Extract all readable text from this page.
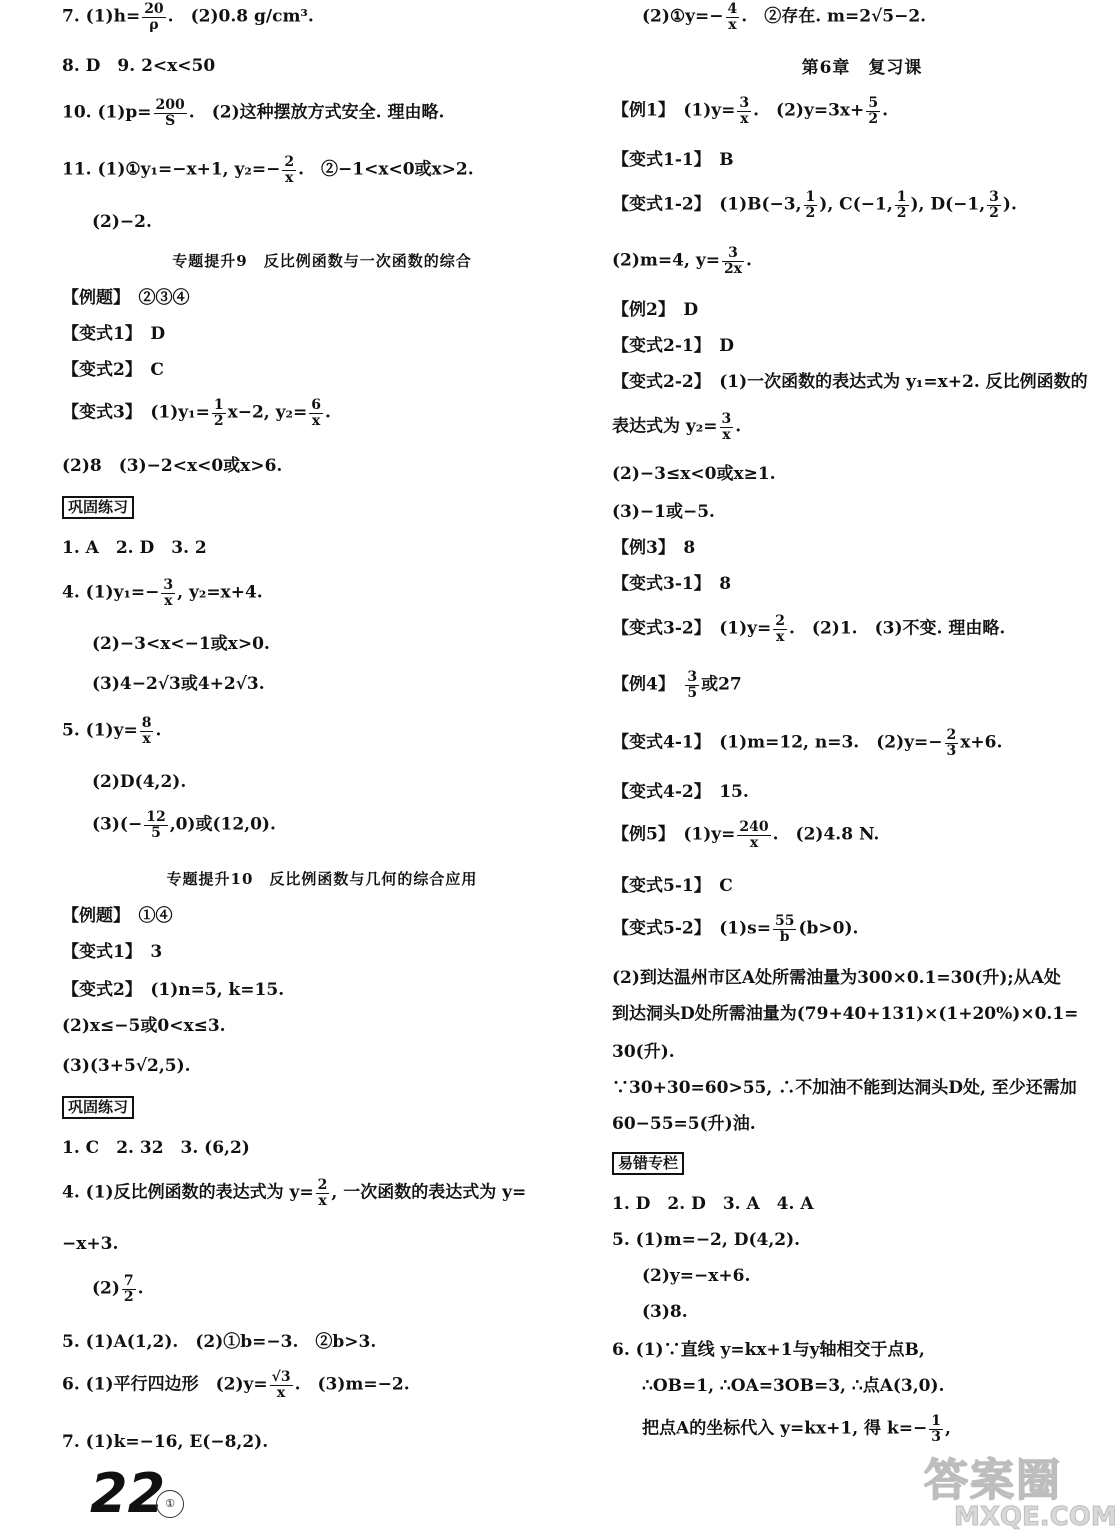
7. $(1)h= \frac{20}{\rho}$ .　(2)0.8 g/cm³.
8. D　9. 2<x<50
10. $(1)p= \frac{200}{S}$ .　(2)这种摆放方式安全. 理由略.
11. (1)①y₁=−x+1, $y_2=- \frac{2}{x}$ .　②−1<x<0或x>2.
(2)−2.
专题提升9　反比例函数与一次函数的综合
【例题】　 ②③④
【变式1】　 D
【变式2】　 C
【变式3】　 $(1)y_1= \frac{1}{2} x-2$, $y_2= \frac{6}{x}$ .
(2)8　(3)−2<x<0或x>6.
巩固练习
1. A　2. D　3. 2
4. $(1)y_1=- \frac{3}{x}$ , y₂=x+4.
(2)−3<x<−1或x>0.
(3)4−2√3或4+2√3.
5. $(1)y= \frac{8}{x}$ .
(2)D(4,2).
$(3)(- \frac{12}{5} ,0)$或(12,0).
专题提升10　反比例函数与几何的综合应用
【例题】　 ①④
【变式1】　 3
【变式2】　 (1)n=5, k=15.
(2)x≤−5或0<x≤3.
(3)(3+5√2,5).
巩固练习
1. C　2. 32　3. (6,2)
4. (1)反比例函数的表达式为 $y= \frac{2}{x}$ , 一次函数的表达式为 y=
−x+3.
$(2) \frac{7}{2}$ .
5. (1)A(1,2).　(2)①b=−3.　②b>3.
6. (1)平行四边形　$(2)y= \frac{√3}{x}$ .　(3)m=−2.
7. (1)k=−16, E(−8,2).
(2)①y=− $\frac{4}{x}$ .　②存在. m=2√5−2.
第6章　复习课
【例1】　 $(1)y= \frac{3}{x}$ .　$(2)y=3x+ \frac{5}{2}$ .
【变式1-1】　 B
【变式1-2】　 (1)B(−3, $\frac{1}{2}$ ), C(−1, $\frac{1}{2}$ ), D(−1, $\frac{3}{2}$ ).
(2)m=4, $y= \frac{3}{2x}$ .
【例2】　 D
【变式2-1】　 D
【变式2-2】　 (1)一次函数的表达式为 y₁=x+2. 反比例函数的
表达式为 $y_2= \frac{3}{x}$ .
(2)−3≤x<0或x≥1.
(3)−1或−5.
【例3】　 8
【变式3-1】　 8
【变式3-2】　 $(1)y= \frac{2}{x}$ .　(2)1.　(3)不变. 理由略.
【例4】　 $\frac{3}{5}$ 或27
【变式4-1】　 (1)m=12, n=3.　$(2)y=- \frac{2}{3} x+6$.
【变式4-2】　 15.
【例5】　 $(1)y= \frac{240}{x}$ .　(2)4.8 N.
【变式5-1】　 C
【变式5-2】　 $(1)s= \frac{55}{b} (b>0)$.
(2)到达温州市区A处所需油量为300×0.1=30(升);从A处
到达洞头D处所需油量为(79+40+131)×(1+20%)×0.1=
30(升).
∵30+30=60>55, ∴不加油不能到达洞头D处, 至少还需加
60−55=5(升)油.
易错专栏
1. D　2. D　3. A　4. A
5. (1)m=−2, D(4,2).
(2)y=−x+6.
(3)8.
6. (1)∵直线 y=kx+1与y轴相交于点B,
∴OB=1, ∴OA=3OB=3, ∴点A(3,0).
把点A的坐标代入 y=kx+1, 得 $k=- \frac{1}{3}$ ,
22 ①	答案圈
MXQE.COM
